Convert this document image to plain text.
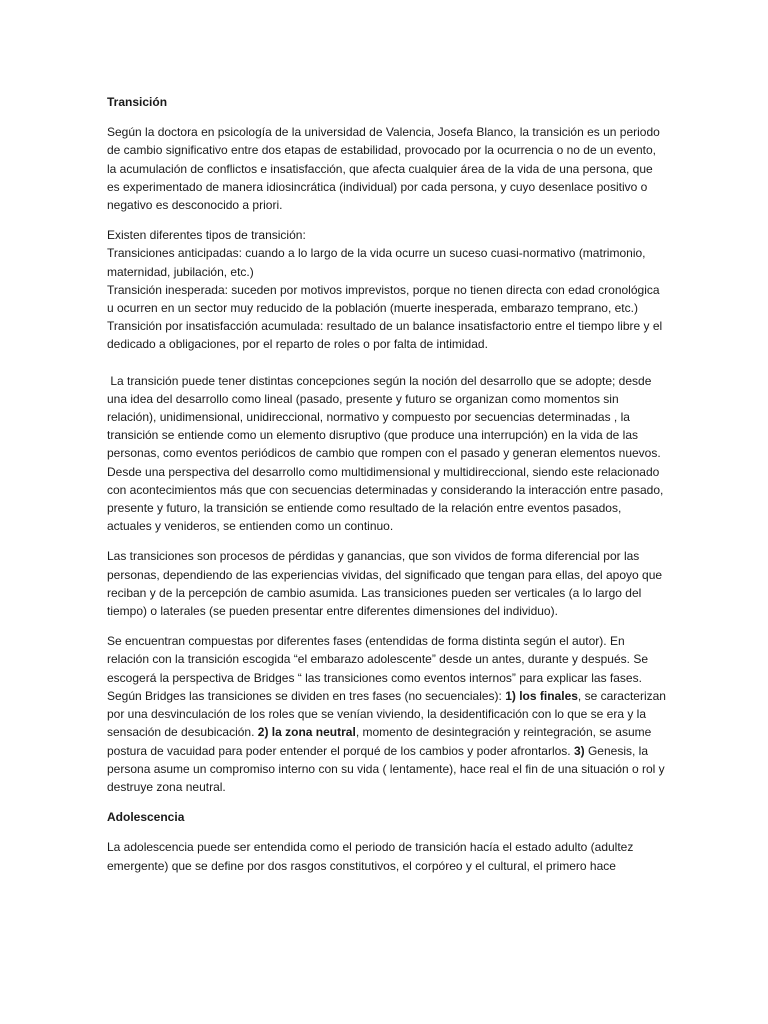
Transición

Según la doctora en psicología de la universidad de Valencia, Josefa Blanco, la transición es un periodo de cambio significativo entre dos etapas de estabilidad, provocado por la ocurrencia o no de un evento, la acumulación de conflictos e insatisfacción, que afecta cualquier área de la vida de una persona, que es experimentado de manera idiosincrática (individual) por cada persona, y cuyo desenlace positivo o negativo es desconocido a priori.

Existen diferentes tipos de transición:
Transiciones anticipadas: cuando a lo largo de la vida ocurre un suceso cuasi-normativo (matrimonio, maternidad, jubilación, etc.)
Transición inesperada: suceden por motivos imprevistos, porque no tienen directa con edad cronológica u ocurren en un sector muy reducido de la población (muerte inesperada, embarazo temprano, etc.)
Transición por insatisfacción acumulada: resultado de un balance insatisfactorio entre el tiempo libre y el dedicado a obligaciones, por el reparto de roles o por falta de intimidad.

La transición puede tener distintas concepciones según la noción del desarrollo que se adopte; desde una idea del desarrollo como lineal (pasado, presente y futuro se organizan como momentos sin relación), unidimensional, unidireccional, normativo y compuesto por secuencias determinadas , la transición se entiende como un elemento disruptivo (que produce una interrupción) en la vida de las personas, como eventos periódicos de cambio que rompen con el pasado y generan elementos nuevos. Desde una perspectiva del desarrollo como multidimensional y multidireccional, siendo este relacionado con acontecimientos más que con secuencias determinadas y considerando la interacción entre pasado, presente y futuro, la transición se entiende como resultado de la relación entre eventos pasados, actuales y venideros, se entienden como un continuo.

Las transiciones son procesos de pérdidas y ganancias, que son vividos de forma diferencial por las personas, dependiendo de las experiencias vividas, del significado que tengan para ellas, del apoyo que reciban y de la percepción de cambio asumida. Las transiciones pueden ser verticales (a lo largo del tiempo) o laterales (se pueden presentar entre diferentes dimensiones del individuo).

Se encuentran compuestas por diferentes fases (entendidas de forma distinta según el autor). En relación con la transición escogida “el embarazo adolescente” desde un antes, durante y después. Se escogerá la perspectiva de Bridges “ las transiciones como eventos internos” para explicar las fases. Según Bridges las transiciones se dividen en tres fases (no secuenciales): 1) los finales, se caracterizan por una desvinculación de los roles que se venían viviendo, la desidentificación con lo que se era y la sensación de desubicación. 2) la zona neutral, momento de desintegración y reintegración, se asume postura de vacuidad para poder entender el porqué de los cambios y poder afrontarlos. 3) Genesis, la persona asume un compromiso interno con su vida ( lentamente), hace real el fin de una situación o rol y destruye zona neutral.

Adolescencia

La adolescencia puede ser entendida como el periodo de transición hacía el estado adulto (adultez emergente) que se define por dos rasgos constitutivos, el corpóreo y el cultural, el primero hace
